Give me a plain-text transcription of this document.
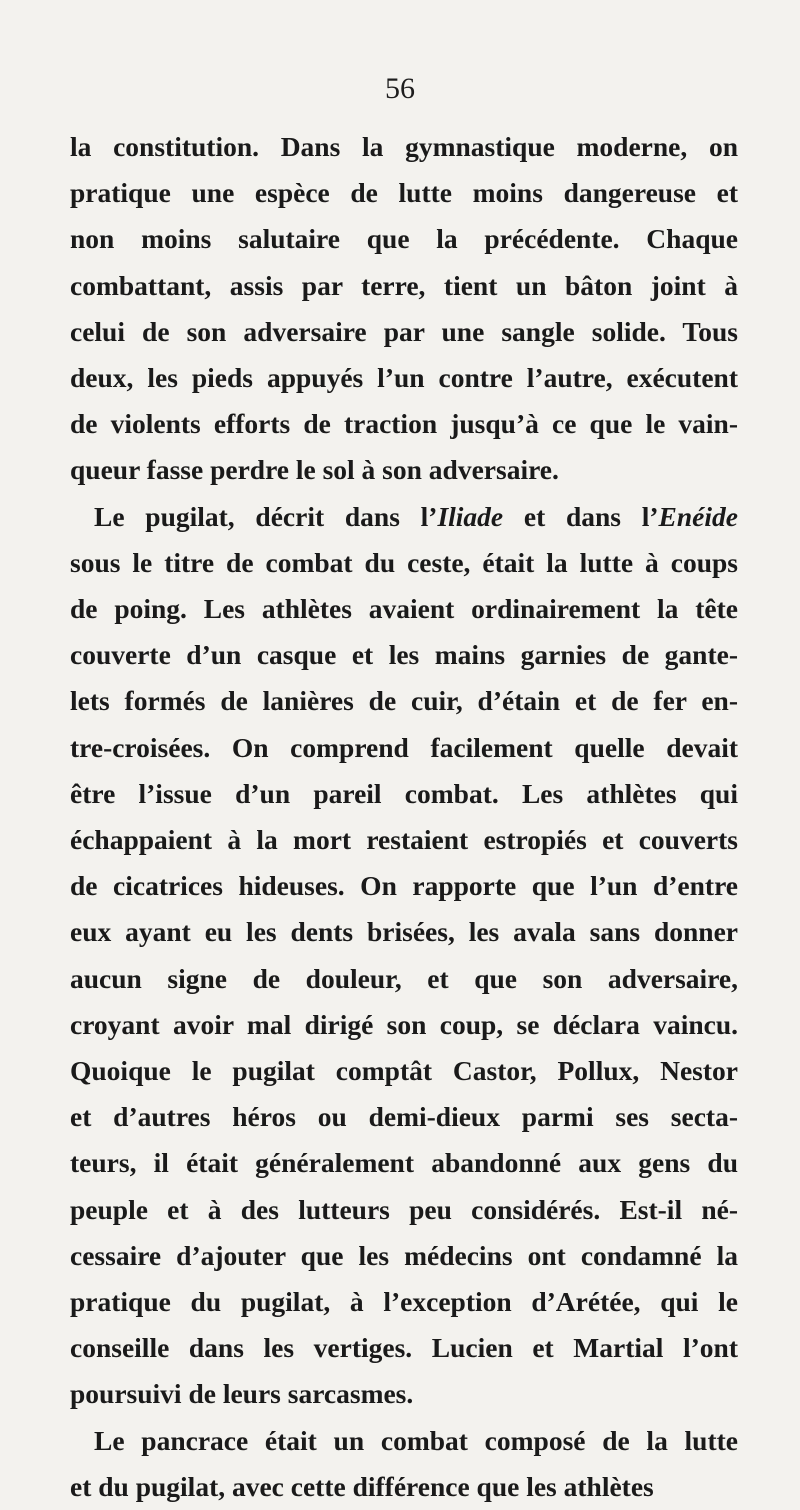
56
la constitution. Dans la gymnastique moderne, on
pratique une espèce de lutte moins dangereuse et
non moins salutaire que la précédente. Chaque
combattant, assis par terre, tient un bâton joint à
celui de son adversaire par une sangle solide. Tous
deux, les pieds appuyés l’un contre l’autre, exécutent
de violents efforts de traction jusqu’à ce que le vain-
queur fasse perdre le sol à son adversaire.
Le pugilat, décrit dans l’Iliade et dans l’Enéide
sous le titre de combat du ceste, était la lutte à coups
de poing. Les athlètes avaient ordinairement la tête
couverte d’un casque et les mains garnies de gante-
lets formés de lanières de cuir, d’étain et de fer en-
tre-croisées. On comprend facilement quelle devait
être l’issue d’un pareil combat. Les athlètes qui
échappaient à la mort restaient estropiés et couverts
de cicatrices hideuses. On rapporte que l’un d’entre
eux ayant eu les dents brisées, les avala sans donner
aucun signe de douleur, et que son adversaire,
croyant avoir mal dirigé son coup, se déclara vaincu.
Quoique le pugilat comptât Castor, Pollux, Nestor
et d’autres héros ou demi-dieux parmi ses secta-
teurs, il était généralement abandonné aux gens du
peuple et à des lutteurs peu considérés. Est-il né-
cessaire d’ajouter que les médecins ont condamné la
pratique du pugilat, à l’exception d’Arétée, qui le
conseille dans les vertiges. Lucien et Martial l’ont
poursuivi de leurs sarcasmes.
Le pancrace était un combat composé de la lutte
et du pugilat, avec cette différence que les athlètes
